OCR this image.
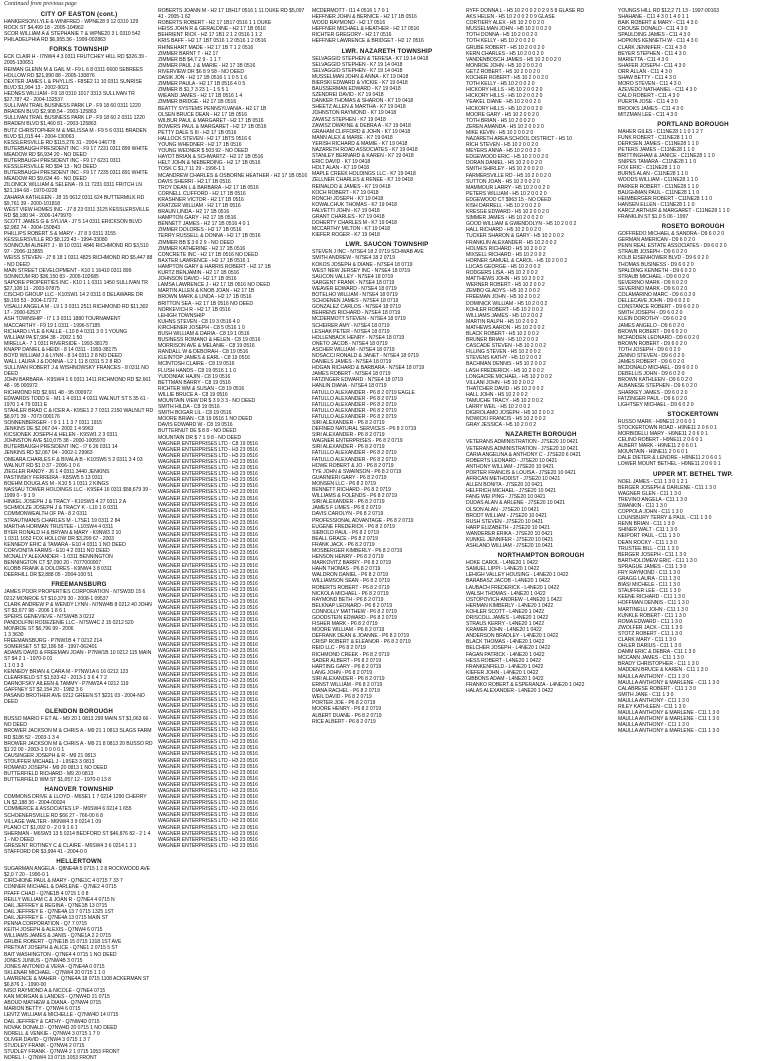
Continued from previous page
CITY OF EASTON (cont.)
HANKERSON LYLE & WINIFRED - WPNE28 9 12 0310 129 ROCK ST $4,499 18 - 2005-104962
SCOR WILLIAM A & STEPHANIE T & WPNE20 3 L 0310 542 PHILADELPHIA RD $6,955.36 - 1999-002863
FORKS TOWNSHIP
ECK CLAIR H - I7NW4 4 3 0311 FRUTCHEY HILL RD $326.39 - 2005-130651
REIMAN GLENN M & GAIL M - F9 L 6 8 0311 6600 SEBREES HOLLOW RD $21,990 88 - 2005-130876
DEXTER JAMES L & PHYLLIS - F8SE2 11 10 0311 SUNRISE BLVD $1,994 13 - 2002-9021
HEDNES WILLIAM - F9 18 0310 1017 3313 SULLIVAN TR $27,787 42 - 2004-132537
SULLIVAN TRAIL BUSINESS PARK LP - F9 18 60 0311 1220 BRADEN BLVD $2,908.54 - 2003-125863
SULLIVAN TRAIL BUSINESS PARK LP - F9 18 60 2 0311 1220 BRADEN BLVD $1,460 81 - 2003-125863
BUTZ CHRISTOPHER M & MELISSA M - F9 5 6 0311 BRADEN BLVD $1,015 44 - 2004-130063
KESSLERSVILLE RD $115,276 31 - 2004-146778
BUTERBAUGH PRESIDENT INC - F9 17 7231 0311 899 WHITE MEADOW RD $6,934 20 - NO DEED
BUTERBAUGH PRESIDENT INC - F9 17 6231 0311 KESSLERSVILLE RD $94 13 - NO DEED
BUTERBAUGH PRESIDENT INC - F9 17 7235 0311 891 WHITE MEADOW RD $9,634 40 - NO DEED
ZILONICK WILLIAM & SELENA - I9 11 7231 0311 FRITCH LN $21,194 68 - 1970-0228
ZAHARA KATHLEEN - J8 15 0612 0311 624 BUTTERMILK RD $9,761 39 - 2000-101818
WEST VIEW HOMES INC - J7 8 23 0311 3125 KESSLERSVILLE RD $8,180 94 - 2006-1479970
SCOTT JAMES G & SYLVIA - J7 5 14 0311 ERICKSON BLVD $2,982 74 - 2004-150843
PHILLIPS ROBERT S & MARY - J7 8 3 0311 3155 KESSLERSVILLE RD $8,123 43 - 1994-33080
SONNCUM ALBERT J - I8 10 0311 4846 RICHMOND RD $3,510 97 - 2006-113855
WEISS STEVEN - J7 8 18 1 0311 4825 RICHMOND RD $5,447 88 - NO DEED
MAIN STREET DEVELOPMENT - K10 1 16410 0311 899 SONNCUM RD $36,150 83 - 2005-102685
SAPORE PROPERTIES INC - K10 1 1 0311 1450 SULLIVAN TR $27,108 11 - 2003-97875
CISCHO GROUP LLC - K10SW1 14 2 0311 0 DELAWARE DR $9,193 53 - 2004-17272
VISALLI ANGELA M - L9 1 3 0311 2511 RICHMOND RD $11,302 17 - 2000-62537
ASH TOWNSHIP - I7 1 3 0311 1880 TOURNAMENT
MACCARTHY - F9 19 1 0311 - 1996-57185
RICHARD LYLE & KALLE - L10 8 4 0311 3 0 1 YOUNG
WILLIAM PA $7,984 38 - 2002 1 50
MIRELLA - 7 1 0311 RIVERSIDE - 1993-38175
KNAPP DANIEL & HEIDI - 8 14 0311 - 1993-38175
BOYD WILLIAM J & LYNN - 8 14 0311 2 8 NO DEED
WALL LAURA J & DONNA - L2 1 11 8 0311 5 2 8 RD
SULLIVAN ROBERT J & WISHNOWSKY FRANCES - 8 0311 NO DEED
JOHN BARBARA - K9SW4 1 6 0311 1411 RICHMOND RD $2,661 48 - 95 000972
RICHMOND RD $2,661 48 - 95 000972
EDWARDS TODD E - M1 1 4 0311 4 0311 WALNUT ST 5 35 61 - 1970 1 4 79 0311 E
STAHLER BRAD C & ICER A - K9SE1 2 7 0311 2150 WALNUT RD $8,971 39 - 7073 000176
SONNENBERGER - I 9 1 1 1 3 7 0311 1915
JENKINS DE $2,067 04 - 2002 1 4 9963
KICSIONEK JOSEPH & HELEN - K9SW1 2 3 0311
JOHNSTON AVE $10,075 38 - 2000-1005970
BUTERBAUGH PRESIDENT INC - I7 6 26 0311 14
JENKINS RD $2,067 04 - 2002-1 29963
OMEARA CHARLES F & BIVALA B - K10SW5 5 2 0311 3 4 03 WALNUT RD $1 0 37 - 2006-1 0 6
ZIEGLER RANDY - J6 1 4 0311 3440 JENKINS
PASTINSKY FERREIRA - K8SW5 5 13 0311
BOEHM DOUGLAS M - K10 5 1 0311 2 KINGS
NASSAU TOWER HOLDINGS LLC - K9SE4 16 0311 $58,679 39 - 1999 0 - 9 1 9
HINKEL JOSEPH J & TRACY - K10SW3 4 27 0311 2 A
SCHMOLZE JOSEPH J & TRACY K - L10 1 6 0311
COMMONWEALTH OF PA - 8 2 0311
STRAUTMANIS CHARLES M - L7SE1 19 0311 2 84
MARTHA HORMAN TRUSTEE - L10SW4 4 0311
BYER RONALD H & BRYAN & MARY - K9NW3 2 10
1 0311 1652 FOX HOLLOW DR $3,299 67 - 2003
KENNEDY ERIC & TAMARA - E10 4 0311 1 NO DEED
CORVONITA FARMS - E10 4 2 0311 NO DEED
MCNALLY ALEXANDER - 1 0311 BENNINGTON
BENNINGTON CT $7,090 20 - 7077000007
KLOBB FRANK & DOLORES - K9NW4 3 8 0311
DEERHILL DR $2,888 05 - 2004-100 51
FREEMANSBURG
JAMES POOR PROPERTIES CORPORATION - N7SW3D 15 6 0212 MONROE ST $10,379 30 - 2008-1 09537
CLARK ANDREW P & WENDY LYNN - N7NW4B 8 0212 40 JOHN ST $3,677 98 - 2006 1 8 6 1
SPEIRS GENEVIEVE - N7SW4B 3 0212
PANDOLFINI RODEZENIE LLC - N7SW4C 2 15 0212 520 MONROE ST $6,796 99 - 2006
1 3 3630
FREEMANSBURG - P7NW1B 4 7 0212 214
SOMERSET ST $2,186 58 - 1997-062401
ADAMS DAVID & FREEMAN JOAN - P7NW1B 10 0212 115 MAIN ST $4 2 1 - 1970-0 01
1 1 0 3 3
KENNEDY BRIAN & CARA M - P7NW1A 6 16 0212 123 CLEARFIELD ST $1,533.42 - 2013-1 3 6 4 7 2
DARNOFSKY AILEEN & TAMMY - P7NW2A 4 0212 119
GAFFNEY ST $2,154 20 - 1982 3 6
PASANO BROTHER AVE 0212 GREEN ST $221 03 - 2004-NO DEED
GLENDON BOROUGH
BUSSO MARIO F ET AL - M9 20 1 0813 299 MAIN ST $1,063 66 - NO DEED
BROWER JACKSON M & CHRIS A - M9 21 1 0813 SLAGS FARM RD $186 52 - 2003-1 3 4
BROWER JACKSON M & CHRIS A - M9 21 8 0813 20 BUSSO RD $1 22 00 - 2003-1 0 0 0 0 1
CAUSINGER JOSEPH & R - M9 21 0813
STOUFFER MICHAEL J - L9SE3 3 0813
ROMANO JOSEPH - M9 20 0813 1 NO DEED
BUTTERFIELD RICHARD - M9 20 0813
BUTTERFIELD WM ST $1,057 12 - 1970-0 13 8
HANOVER TOWNSHIP
COMMONS DRIVE & LLOYD - M6SE1 1 7 0214 1290 CHERRY LN $2,188 36 - 2004-00024
COMMERCE & ASSOCIATES LP - M6SW4 6 0214 1 655 SCHOENERSVILLE RD $66 27 - 766-00 6 8
VILLAGE WALTER - M6NW4 3 9 0214 1 09
PLANO CT $1,092 0 - 2 0 9 1 6 1
SHERMAN - M6SW3 13 5 0214 BEDFORD ST $46,876 82 - 2 1 4 1 - NO DEED
GRESENT ROTINEY C & CLAIRE - M6SW4 3 6 0214 1 3 1 STAFFORD DR $3,994 41 - 2004-0 0
HELLERTOWN
SUGARMAN ANGELA - Q8NE4A 5 0715 1 2 8 ROCKWOOD AVE $2,0 7 20 - 1990-0 1
CIRCHIONE PAUL & MARY - Q7NE1C 4 0715 7 33 7
CONNER MICHAEL & DARLENE - Q7NE2 4 0715
PFAFF CHAD - Q7NE1B 4 0715 1 0 8
REILLY WILLIAM C & JOAN R - Q7NE4 4 0715 N
DAIL JEFFREY & REGINA - Q7NE1B 13 0715
DAIL JEFFREY E - Q7NE4A 13 7 0715 1325 1ST
DAIL JEFFREY E - Q7NE4A 13 0715 MAIN ST
PENNA CORPORATION - Q7 7 0715
KEITH JOSEPH & ALEXIS - Q7NW4 6 0715
WILLIAMS JAMES & JANIS - Q7NE1A 2 2 0715
GRUBE ROBERT - Q7NE1B 15 0715 1318 1ST AVE
PRETKAT JOSEPH & ALICE - Q7NE1 2 0715 5 ST
BAIT WASHINGTON - Q7NE4 4 0715 1 NO DEED
JONES JUNIUS - Q7NW4B 3 0715
JONES ANTONIO & VERA - Q7NE4A 0 0715
SKLENAR MICHAEL - Q7NW4 20 0715 1 1 0
LAWRENCE & MAHER - Q7NE4A 18 0715 1108 ACKERMAN ST $6,876 1 - 1990-00
NISO RAYMOND A & NICOLE - Q7NE4 0715
KAN MORGAN & LANDES - Q7NW4D 21 0715
ABOUD MATHEW & DIANA - Q7NW4 0715
MARION BETTY - Q7NW4 6 0715
LENTZ WILLIAM & MICHELLE - Q7NW4D 14 0715
DAIL JEFFREY & CATHY - Q7NW4D 0715
NOVAK DONALD - Q7NW4D 20 0715 1 NO DEED
NORELL & VENKIE - Q7NW4 3 0715 1 7 0
OLIVER DAVID - Q7NW4 3 0715 1 3 7
STUDLEY FRANK - Q7NW4 2 0715
STUDLEY FRANK - Q7NW4 2 1 0715 1053 FRONT
NOREL I - Q7NW4 13 0715 1053 FRONT
ROBERTS JOANN M - H2 17 1BH17 0516 1 11 DUKE RD $5,097 41 - 2005-1 62
ROBERTS ROBERT - H2 17 1B17 0516 1 1 DUKE
HEISS JOHN R & GERALDINE - H2 17 1B 0516
BEHRIENT RICK - H2 17 1B1 2 1 2 0516 1 1 2
KRIS BAFF - H2 17 1BT 0516 1 2 0516 1 2 0516
RHINEHART MADE - H2 17 1B T 1 2 0516
ZIMMER BARNT T - H2 17
ZIMMER BB $4,7 2 9 - 1 1 7
ZIMMER PAUL J & MARIE - H2 17 1B 0516
RIVERVIEW DR $6 8 9 58 - NO DEED
DASIK JON - H2 17 1B 0516 1 1 0 5 1 6
ZIMMER PAULA - H2 17 1B 0516 4 0 5
ZIMMER B $1,7 3 23 1 - 1 5 5 1
WIEAND JAMES - H2 17 1B 0516 1 4
ZIMMER BRIDGE - H2 17 1B 0516
BEATTY SYSTEMS PENNSYLVANIA - H2 17 1B
OLSEN BRUCE DEAN - H2 17 1B 0516
WILBUR PAUL & MARGARET - H2 17 1B 0516
BOWERS PAUL & MARGARET - H2 17 1B 0516
PETTY DALE S III - H2 17 1B 0516
HALLOCK STEVEN - H2 17 1BTS 0516 6
YOUNG WHEDNER - H2 17 1B 0516
YOUNG WEDNER $ 503 92 - NO DEED
HAYDT BRIAN & SCHWARTZ - H2 17 1B 0516
HELT JOHN & NIEBERDING - H2 17 1B 0516
TOSK C $1,7 11 29 - 1996-1 1
MCANDREW CHARLES & OSBORNE HEATHER - H2 17 1B 0516
DAVIS SHERRI - H2 17 1B 0516
TROY DEAN L & BARBARA - H2 17 1B 0516
CORNELL CLIFFORD - H2 17 1B 0516
KRASHNER VICTOR - H2 17 1B 0516
KRATZER WILLIAM - H2 17 1B 0516
BRAUN LINDA - H2 17 1B 0516
HAMPTON GARY - H2 17 1B 0516
BENNETT JAMES - H2 17 1B 0516 4 0 1
ZIMMER DOLORES - H2 17 1B 0516
TERRY RUSSELL & DONNA - H2 17 1B 0516
ZIMMER BB $ 3 6 2 9 - NO DEED
ZIMMER KATHERINE - H2 17 1B 0516
CONCRETE INC - H2 17 1B 0516 NO DEED
BAXTER LAWRENCE - H2 17 1B 0516 1
HAMPTON GARY & HARRIS ROBERT - H2 17 1B
KURTZ BENJAMIN - H2 17 1B 0516
JOHNSON DAVID - H2 17 1B 0516
LAMSA LAWRENCE J - H2 17 1B 0516 NO DEED
MARTIN ALLEN & KNOB JOAN - H2 17 1B
BROWN MARK & LINDA - H2 17 1B 0516
BRITTON SEA - H2 17 1B 0516 NO DEED
NORKEVICH R - H2 17 1B 0516
LEHIGH TOWNSHIP
KUHNS STEVEN - C8 19 3 0516 4 0
KIRCHENER JOSEPH - C8 5 0516 1 0
BUSH WILLIAM & DARIA - C8 19 1 0516
BUSINESS ROMANO & HELEN - C8 19 0516
MORRISON AVE & MELANIE - C8 19 0516
RANDALL W & DEBORAH - C8 19 0516
KLEINTOP JAMES & EARL - C8 19 0516
MCINTOSH CLAIRE - C8 19 0516
FLUSH HANDS - C8 19 0516 1 1 0
YUDONIAK HAJIN - C8 19 0516
BETTMAN BARRY - C8 19 0516
RICHTER WM & SUSAN - C8 19 0516
WILLIE BRUCE A - C8 19 0516
MOUNTAIN VIEW DR $ 3 9 3 3 - NO DEED
SMITH HILDA - C8 19 0516
SMITH BOGAR LIL - C8 19 0516
MOORE BRIAN - C8 19 0516 1 NO DEED
DAVIS EDWARD W - C8 19 0516
BUTTERNUT DE $ 8 8 - NO DEED
MOUNTAIN DR $ 7 1 9 8 - NO DEED
WAGNER ENTERPRISES LTD - C8 19 0516
WAGNER ENTERPRISES LTD - H3 23 0516
WAGNER ENTERPRISES LTD - H3 23 0516
WAGNER ENTERPRISES LTD - H3 23 0516
WAGNER ENTERPRISES LTD - H3 23 0516
WAGNER ENTERPRISES LTD - H3 23 0516
WAGNER ENTERPRISES LTD - H3 23 0516
WAGNER ENTERPRISES LTD - H3 23 0516
WAGNER ENTERPRISES LTD - H3 23 0516
WAGNER ENTERPRISES LTD - H3 23 0516
WAGNER ENTERPRISES LTD - H3 23 0516
WAGNER ENTERPRISES LTD - H3 23 0516
WAGNER ENTERPRISES LTD - H3 23 0516
WAGNER ENTERPRISES LTD - H3 23 0516
WAGNER ENTERPRISES LTD - H3 23 0516
WAGNER ENTERPRISES LTD - H3 23 0516
WAGNER ENTERPRISES LTD - H3 23 0516
WAGNER ENTERPRISES LTD - H3 23 0516
WAGNER ENTERPRISES LTD - H3 23 0516
WAGNER ENTERPRISES LTD - H3 23 0516
WAGNER ENTERPRISES LTD - H3 23 0516
WAGNER ENTERPRISES LTD - H3 23 0516
WAGNER ENTERPRISES LTD - H3 23 0516
WAGNER ENTERPRISES LTD - H3 23 0516
WAGNER ENTERPRISES LTD - H3 23 0516
WAGNER ENTERPRISES LTD - H3 23 0516
WAGNER ENTERPRISES LTD - H3 23 0516
WAGNER ENTERPRISES LTD - H3 23 0516
WAGNER ENTERPRISES LTD - H3 23 0516
WAGNER ENTERPRISES LTD - H3 23 0516
WAGNER ENTERPRISES LTD - H3 23 0516
WAGNER ENTERPRISES LTD - H3 23 0516
WAGNER ENTERPRISES LTD - H3 23 0516
WAGNER ENTERPRISES LTD - H3 23 0516
WAGNER ENTERPRISES LTD - H3 23 0516
WAGNER ENTERPRISES LTD - H3 23 0516
WAGNER ENTERPRISES LTD - H3 23 0516
WAGNER ENTERPRISES LTD - H3 23 0516
WAGNER ENTERPRISES LTD - H3 23 0516
WAGNER ENTERPRISES LTD - H3 23 0516
WAGNER ENTERPRISES LTD - H3 23 0516
WAGNER ENTERPRISES LTD - H3 23 0516
WAGNER ENTERPRISES LTD - H3 23 0516
WAGNER ENTERPRISES LTD - H3 23 0516
WAGNER ENTERPRISES LTD - H3 23 0516
WAGNER ENTERPRISES LTD - H3 23 0516
WAGNER ENTERPRISES LTD - H3 23 0516
WAGNER ENTERPRISES LTD - H3 23 0516
WAGNER ENTERPRISES LTD - H3 23 0516
WAGNER ENTERPRISES LTD - H3 23 0516
WAGNER ENTERPRISES LTD - H3 23 0516
WAGNER ENTERPRISES LTD - H3 23 0516
WAGNER ENTERPRISES LTD - H3 23 0516
WAGNER ENTERPRISES LTD - H3 23 0516
WAGNER ENTERPRISES LTD - H3 23 0516
WAGNER ENTERPRISES LTD - H3 23 0516
WAGNER ENTERPRISES LTD - H3 23 0516
WAGNER ENTERPRISES LTD - H3 23 0516
WAGNER ENTERPRISES LTD - H3 23 0516
WAGNER ENTERPRISES LTD - H3 23 0516
WAGNER ENTERPRISES LTD - H3 23 0516
WAGNER ENTERPRISES LTD - H3 23 0516
WAGNER ENTERPRISES LTD - H3 23 0516
WAGNER ENTERPRISES LTD - H3 23 0516
WAGNER ENTERPRISES LTD - H3 23 0516
WAGNER ENTERPRISES LTD - H3 23 0516
WAGNER ENTERPRISES LTD - H3 23 0516
MCDERMOTT - I11 4 0516 1 7 0 1
HEFFNER JOHN & BERNICE - H2 17 1B 0516
WOOD RAYMOND - H2 17 0516
HEFFNER MICHAEL & HEATHER - H2 17 0516
RICHTER GREGORY - H2 17 0516
HEFFNER LAWRENCE & BRIDGET - H2 17 0516
LWR. NAZARETH TOWNSHIP
SELVAGGIO STEPHEN & TERESA - K7 19 14 0418
SELVAGGIO STEPHEN - K7 19 14 0418
SELVAGGIO STEPHEN - K7 19 14 0418
MUSSELMAN JOHN & ANNA - K7 19 0418
BIERSKI EDWARD & VICKIE - K7 19 0418
BAUSSERMAN EDWARD - K7 19 0418
SZENDREI DAVID - K7 19 0418
DANKER THOMAS & SHARON - K7 19 0418
SHEETZ ALLEN & MARTHA - K7 19 0418
JOHNSTON RAYMOND - K7 19 0418
ZAWISZ STEPHEN - K7 19 0418
ZAWISZ DWAYNE & DEBRA A - K7 19 0418
GRAHAM CLIFFORD & JOHN - K7 19 0418
MANN ALEX & MARIE - K7 19 0418
YERISH RICHARD & MAMIE - K7 19 0418
NAZARETH ROAD ASSOCIATES - K7 19 0418
STANLEY BERNARD & KAREN - K7 19 0418
ERIC DAVID - K7 19 0418
HOLT ALAN - K7 19 0418
MAPLE CREEK HOLDINGS LLC - K7 19 0418
ZELLNER CHARLES & RENEE - K7 19 0418
REINALDO & JAMES - K7 19 0418
KOCH ROBERT - K7 19 0418
RONCHI JOSEPH - K7 19 0418
KOWALCHUK THOMAS - K7 19 0418
FALVETTI JOHN - K7 19 0418
GRANT CHARLES - K7 19 0418
DOHERTY CHARLES M - K7 19 0418
MCCARTHY MILTON - K7 19 0418
KIEFER ROGER - K7 19 0418
LWR. SAUCON TOWNSHIP
STEVEN J INC - N7SE4 18 2 0719 SCHWAB AVE
SMITH ANDREW - N7SE4 18 2 0719
KOKOS JOSEPH & DIANE - N7SE4 18 0719
WEST NEW JERSEY INC - N7SE4 18 0719
SAUCON VALLEY - N7SE4 18 0719
SARGENT FRANK - N7SE4 18 0719
WEAVER EDWARD - N7SE4 18 0719
BOTELHO WILLIAM - N7SE4 18 0719
SCHOENEN JAMES - N7SE4 18 0719
GONZALEZ CARLOS - N7SE4 18 0719
BEHRENS RICHARD - N7SE4 18 0719
MCDERMOTT STEVEN - N7SE4 18 0719
SCHEIRER AMY - N7SE4 18 0719
LESHAK PETER - N7SE4 18 0719
HOLLENBACK HENRY - N7SE4 18 0719
ONETO JACOB - N7SE4 18 0719
ASCHER WILLIAM - N7SE4 18 0719
NOSACCI RONALD & JANET - N7SE4 18 0719
DANIELS JAMES - N7SE4 18 0719
HOGAN RICHARD & BARBARA - N7SE4 18 0719
JAMES ROBERT - N7SE4 18 0719
FATZINGER EDWARD - N7SE4 18 0719
HANLIN DIANA - N7SE4 18 0719
FATULLO ALEXANDER - P6 8 2 0719 EAGLE
FATULLO ALEXANDER - P6 8 2 0719
FATULLO ALEXANDER - P6 8 2 0719
FATULLO ALEXANDER - P6 8 2 0719
FATULLO ALEXANDER - P6 8 2 0719
SIRI ALEXANDER - P6 8 2 0719
DEFINED NATURAL SERVICES - P6 8 2 0719
SIRI ALEXANDER - P6 8 2 0719
WAGNER ENTERPRISES - P6 8 2 0719
SIRI ALEXANDER - P6 8 2 0719
FATULLO ALEXANDER - P6 8 2 0719
FATULLO ALEXANDER - P6 8 2 0719
HOWE ROBERT & JO - P6 8 2 0719
TYE JOHN & SWAINSON - P6 8 2 0719
GUARNIERI GARY - P6 8 2 0719
MONSEN LLC - P6 8 2 0719
BENNETT RICHARD - P6 8 2 0719
WILLIAMS & FOLENDS - P6 8 2 0719
SIRI ALEXANDER - P6 8 2 0719
JAMES F LIMES - P6 8 2 0719
DAVIS CAROLYN - P6 8 2 0719
PROFESSIONAL ADVANTAGE - P6 8 2 0719
EUGENE FREDERICK - P6 8 2 0719
SIEBOLD PAUL - P6 8 2 0719
BEALL GRACE - P6 8 2 0719
FRANK JACK - P6 8 2 0719
MOSBERGER KIMBERLY - P6 8 2 0719
HENSON HENRY - P6 8 2 0719
MARKOVITZ BARRY - P6 8 2 0719
HAHN THOMAS - P6 8 2 0719
WALDRON DANIEL - P6 8 2 0719
WILLIAMSON SEAN - P6 8 2 0719
ROBERTS ROBERT - P6 8 2 0719
NICKOLA MICHAEL - P6 8 2 0719
RAYMOND BETH - P6 8 2 0719
BELKNAP LEONARD - P6 8 2 0719
CONNOLLY MATTHEW - P6 8 2 0719
GOODSTEIN EDWARD - P6 8 2 0719
FISHER MARK - P6 8 2 0719
MOORE WILLIAM - P6 8 2 0719
DEFRANK DEAN & JOANNE - P6 8 2 0719
CRISP ROBERT & ELEANOR - P6 8 2 0719
REID LLC - P6 8 2 0719
RICHMOND CREEK - P6 8 2 0719
SADER ALBERT - P6 8 2 0719
HARTING GARY - P6 8 2 0719
LANG JOHN - P6 8 2 0719
SIRI ALEXANDER - P6 8 2 0719
ERNST WILLIAM - P6 8 2 0719
DIANA RACHEL - P6 8 2 0719
WEIL DAVID - P6 8 2 0719
PORTER JOE - P6 8 2 0719
MOORE HENRY - P6 8 2 0719
ALBERT DUANE - P6 8 2 0719
RICE ALBERT - P6 8 2 0719
RYFF DONNA L - H5 10 2 0 0 2 0 2 9 5 8 GLASE RD
AKS HELEN - H5 10 2 0 0 2 0 9 GLASE
CORTIERY ALEX - H5 10 2 0 0 2 0
MUSSELMAN JOHN - H5 10 2 0 0 2 0
TOTH DONNA - H5 10 2 0 0 2 0
TOTH KELLY - H5 10 2 0 0 2 0
GRUBE ROBERT - H5 10 2 0 0 2 0
KERN CHARLES - H5 10 2 0 0 2 0
VANDENBOSCH JAMES - H5 10 2 0 0 2 0
MONROE JOHN - H5 10 2 0 0 2 0
GETZ ROBERT - H5 10 2 0 0 2 0
KOCHER ROBERT - H5 10 2 0 0 2 0
TOTH KELLY - H5 10 2 0 0 2 0
HICKORY HILLS - H5 10 2 0 0 2 0
HICKORY HILLS - H5 10 2 0 0 2 0
YEAKEL DIANE - H5 10 2 0 0 2 0
HICKORY HILLS - H5 10 2 0 0 2 0
MOORE GARY - H5 10 2 0 0 2 0
TOTH BRIAN - H5 10 2 0 0 2 0
ZEREN AMANDA - H5 10 2 0 0 2 0
MIKE KEVIN - H5 10 2 0 0 2 0
NAZARETH AREA SCHOOL DISTRICT - H5 10
RICH STEVEN - H5 10 2 0 0 2 0
MEYERS ANNA - H5 10 2 0 0 2 0
EDGEWOOD ERIC - H5 10 2 0 0 2 0
DORAN DANIEL - H5 10 2 0 0 2 0
SMITH SHIRLEY - H5 10 2 0 0 2 0
FARMERSVILLE RD - H5 10 2 0 0 2 0
SUTTON JOAN - H5 10 2 0 0 2 0
MAMMOUR LARRY - H5 10 2 0 0 2 0
PETERS WILLIAM - H5 10 2 0 0 2 0
EDGEWOOD CT $963 15 - NO DEED
KISH DARRELL - H5 10 2 0 0 2 0
KRESGE EDWARD - H5 10 2 0 0 2 0
SIMMER JAMES - H5 10 2 0 0 2 0
GOOD WILLIAM & GWENDOLYN - H5 10 2 0 0 2
HALL RICHARD - H5 10 2 0 0 2 0
TUCKER SHARON & GARY - H5 10 2 0 0 2
FRANKLIN ALEXANDER - H5 10 2 0 0 2
HOLMES RICHARD - H5 10 2 0 0 2
MIXSELL RICHARD - H5 10 2 0 0 2
HORNER SAMUEL & CAROL - H5 10 2 0 0 2
LUCAS GEORGE - H5 10 2 0 0 2
RODGERS LISA - H5 10 2 0 0 2
MATTHEWS JOHN - H5 10 2 0 0 2
WERNER ROBERT - H5 10 2 0 0 2
ZEMBO GLADYS - H5 10 2 0 0 2
FREEMAN JOHN - H5 10 2 0 0 2
DOMINICK WILLIAM - H5 10 2 0 0 2
KOHLER ROBERT - H5 10 2 0 0 2
WILLIAMS JAMES - H5 10 2 0 0 2
MARTIN RALPH - H5 10 2 0 0 2
MATHEWS AARON - H5 10 2 0 0 2
BLACK ROBERT - H5 10 2 0 0 2
BRUNER BRIAN - H5 10 2 0 0 2
CASCADE STEVEN - H5 10 2 0 0 2
FILLING STEVEN - H5 10 2 0 0 2
STEVENS KATHY - H5 10 2 0 0 2
BACHMAN DENNIS - H5 10 2 0 0 2
LASH FREDERICK - H5 10 2 0 0 2
LONGACRE MICHAEL - H5 10 2 0 0 2
VILLANI JOHN - H5 10 2 0 0 2
THATCHER DAVID - H5 10 2 0 0 2
HALL JOHN - H5 10 2 0 0 2
TAMUCHE TRACY - H5 10 2 0 0 2
LARRY WEIL - H5 10 2 0 0 2
DIGIROLAMO JOSEPH - H5 10 2 0 0 2
NOWICKI FRANCIS - H5 10 2 0 0 2
GRAY JESSICA - H5 10 2 0 0 2
NAZARETH BOROUGH
VETERANS ADMINISTRATION - J7SE20 10 0421
VETERANS ADMINISTRATION - J7SE20 10 0421
CARIA ANGELINA & ANTHONY C - J7SE20 6 0421
ROBERTS LEONARD - J7SE20 10 0421
ANTHONY WILLIAM - J7SE20 10 0421
PORTER FRANCIS & LOUISA - J7SE20 10 0421
AFRICAN METHODIST - J7SE20 10 0421
ALLEN BONITA - J7SE20 10 0421
HELFRICH MICHAEL - J7SE20 10 0421
FANG WEI PING - J7SE20 10 0421
DUDAS ALAN & ARLENE - J7SE20 10 0421
OLSON ALAN - J7SE20 10 0421
BRODT WILLIAM - J7SE20 10 0421
RUSH STEVEN - J7SE20 10 0421
HARP ELIZABETH - J7SE20 10 0421
WANDERER ERIKA - J7SE20 10 0421
KUNKEL JENNIFER - J7SE20 10 0421
ASHLAND WILLIAM - J7SE20 10 0421
NORTHAMPTON BOROUGH
HOKE CAROL - L4NE20 1 0422
SAMUEL LIPPI - L4NE20 1 0422
LEHIGH VALLEY HOUSING - L4NE20 1 0422
BARABASZ JACOB - L4NE20 1 0422
LAUBACH FREDERICK - L4NE20 1 0422
WALSH THOMAS - L4NE20 1 0422
OSTOPOVICH ANDREW - L4NE20 1 0422
HERMAN KIMBERLY - L4NE20 1 0422
KOHLER SCOTT - L4NE20 1 0422
DRISCOLL JAMES - L4NE20 1 0422
STRAUS KERRY - L4NE20 1 0422
KRAMER JOHN - L4NE20 1 0422
ANDERSON BRADLEY - L4NE20 1 0422
BLACK THOMAS - L4NE20 1 0422
BELCHER JOSEPH - L4NE20 1 0422
FAGAN PATRICK - L4NE20 1 0422
HESS ROBERT - L4NE20 1 0422
FRANKENFIELD - L4NE20 1 0422
KIEFER JOHN - L4NE20 1 0422
GIBBONS ADAM - L4NE20 1 0422
FRANKO ROBERT & ESPERANZA - L4NE20 1 0422
HALAS ALEXANDER - L4NE20 1 0422
YOUNGS HILL RD $12,2 71 13 - 1997-00163
SHAHANE - C11 4 3 0 1 4 0 1 1
BAIK ROBERT & MARY - C11 4 3 0
CROUSE DONALD - C11 4 3 0
SPAULDING JAMES - C11 4 3 0
HOPKINS KENNETH W - C11 4 3 0
CLARK JENNIFER - C11 4 3 0
BEYER STEPHEN - C11 4 3 0
MARIETTA - C11 4 3 0
SHAFER JOSEPH - C11 4 3 0
ORR ALLAN - C11 4 3 0
SHAW BETTY - C11 4 3 0
MORO STEVEN - C11 4 3 0
AZEVEDO NATHANIEL - C11 4 3 0
CALO ROBERT - C11 4 3 0
PUERTA JOSE - C11 4 3 0
BROOKS JAMES - C11 4 3 0
MITZMAN LEE - C11 4 3 0
PORTLAND BOROUGH
MAHER GILES - C11NE28 1 1 0 1 2 7
FUNK ROBERT - C11NE28 1 1 0
DERKSEN JAMES - C11NE28 1 1 0
PETERS JAMES - C11NE28 1 1 0
BRITTINGHAM & JANICE - C11NE28 1 1 0
SNIPES TAMARA - C11NE28 1 1 0
FOX ERIC - C11NE28 1 1 0
BURNS ALAN - C11NE28 1 1 0
WOODS WILLIAM - C11NE28 1 1 0
PARKER ROBERT - C11NE28 1 1 0
BAUGHMAN PAUL - C11NE28 1 1 0
HEIMBERGER ROBERT - C11NE28 1 1 0
HANSEN ELLEN - C11NE28 1 1 0
KARCZ ARTHUR & MARGARET - C11NE28 1 1 0
FRANKLIN ST $1,0 5 06 - 1997
ROSETO BOROUGH
GOFFREDO MICHAEL & SANDRA - D9 6 0 2 0
GERMAN AMERICAN - D9 6 0 2 0
PENN REAL ESTATE ASSOCIATES - D9 6 0 2 0
STRAUB JOSEPH - D9 6 0 2 0
KOLB EISENHOWER BLVD - D9 6 0 2 0
THOMAS BUSINESS - D9 6 0 2 0
SPALDING KENNETH - D9 6 0 2 0
STRAUB MICHAEL - D9 6 0 2 0
SEVERINO MARK - D9 6 0 2 0
SEVERINO MARK - D9 6 0 2 0
COLAMARINO MARC - D9 6 0 2 0
DELLECAVE JOHN - D9 6 0 2 0
CONSTANCE ROBERT - D9 6 0 2 0
SMITH JOSEPH - D9 6 0 2 0
KLEIN DOROTHY - D9 6 0 2 0
JAMES ANGELO - D9 6 0 2 0
BROWN ROBERT - D9 6 0 2 0
MCFADDEN LEONARD - D9 6 0 2 0
BROWN ROBERT - D9 6 0 2 0
TOTH JOSEPH - D9 6 0 2 0
ZENNO STEVEN - D9 6 0 2 0
JAMES ROBERT - D9 6 0 2 0
MCDONALD MICHAEL - D9 6 0 2 0
DEBELLIS JOHN - D9 6 0 2 0
BROWN KATHLEEN - D9 6 0 2 0
ALBANESE STEPHEN - D9 6 0 2 0
SHARKEY JAMES - D9 6 0 2 0
FATZINGER PAUL - D9 6 0 2 0
LIGHTSEY MICHAEL - D9 6 0 2 0
STOCKERTOWN
RUSSO MARK - H9NE11 2 0 6 0 1
STOCKERTOWN ROAD - H9NE11 2 0 6 0 1
MORBIDELLI MARY - H9NE11 2 0 6 0 1
CELINO ROBERT - H9NE11 2 0 6 0 1
ALBERT MARK - H9NE11 2 0 6 0 1
MOUNTAIN - H9NE11 2 0 6 0 1
DALE DIETER & LENORE - H9NE11 2 0 6 0 1
LOWER MOUNT BETHEL - H9NE11 2 0 6 0 1
UPPER MT. BETHEL TWP.
NOEL JAMES - C11 1 3 0 1 2 1
BERGER JOSEPH & DARLENE - C11 1 3 0
WAGNER GLEN - C11 1 3 0
TREVINO ANGELA - C11 1 3 0
SWANKIN - C11 1 3 0
COPPOLA JOHN - C11 1 3 0
LOUNSBURY TERRY & PAUL - C11 1 3 0
RENN BRIAN - C11 1 3 0
SHINER WALT - C11 1 3 0
NEIPORT PAUL - C11 1 3 0
DEAN ROCKY - C11 1 3 0
TRUSTEE BILL - C11 1 3 0
BERGER JOSEPH - C11 1 3 0
BARTHOLOMEW ERIC - C11 1 3 0
SPRAGUE JAMES - C11 1 3 0
FRY RAYMOND - C11 1 3 0
GRAGG LAURA - C11 1 3 0
BIASI MICHELE - C11 1 3 0
STAUFFER LEE - C11 1 3 0
KEENE RICHARD - C11 1 3 0
HOFFMAN DENNIS - C11 1 3 0
MARTINELLI JOHN - C11 1 3 0
KUNKLE ROBERT - C11 1 3 0
ROMA EDWARD - C11 1 3 0
ZWOLFER JACK - C11 1 3 0
STOTZ ROBERT - C11 1 3 0
CLARK MARY - C11 1 3 0
OHLER DARIUS - C11 1 3 0
DAMM ERIC & DEBRA - C11 1 3 0
MCCANN JAMES - C11 1 3 0
BRADY CHRISTOPHER - C11 1 3 0
MADDEN BRUCE & KAREN - C11 1 3 0
MAULLA ANTHONY - C11 1 3 0
MAULLA ANTHONY & MARLENE - C11 1 3 0
CALABRESE ROBERT - C11 1 3 0
SMITH JANE - C11 1 3 0
MAULLA ANTHONY - C11 1 3 0
RILEY KATHLEEN - C11 1 3 0
MAULLA ANTHONY & MARLENE - C11 1 3 0
MAULLA ANTHONY & MARLENE - C11 1 3 0
MAULLA ANTHONY - C11 1 3 0
MAULLA ANTHONY & MARLENE - C11 1 3 0
